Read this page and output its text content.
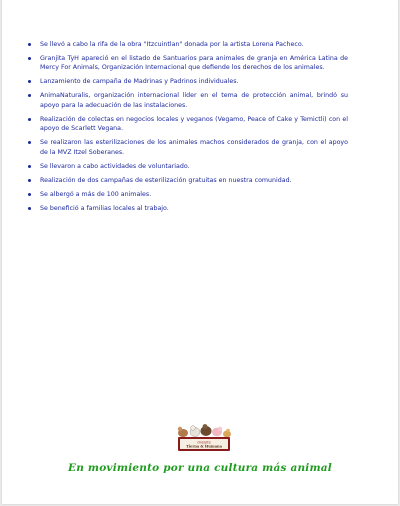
Se llevó a cabo la rifa de la obra "Itzcuintlan" donada por la artista Lorena Pacheco.
Granjita TyH apareció en el listado de Santuarios para animales de granja en América Latina de Mercy For Animals, Organización Internacional que defiende los derechos de los animales.
Lanzamiento de campaña de Madrinas y Padrinos individuales.
AnimaNaturalis, organización internacional líder en el tema de protección animal, brindó su apoyo para la adecuación de las instalaciones.
Realización de colectas en negocios locales y veganos (Vegamo, Peace of Cake y Temictli) con el apoyo de Scarlett Vegana.
Se realizaron las esterilizaciones de los animales machos considerados de granja, con el apoyo de la MVZ Itzel Soberanes.
Se llevaron a cabo actividades de voluntariado.
Realización de dos campañas de esterilización gratuitas en nuestra comunidad.
Se albergó a más de 100 animales.
Se benefició a familias locales al trabajo.
Granjita
Tierna & Humana
En movimiento por una cultura más animal
